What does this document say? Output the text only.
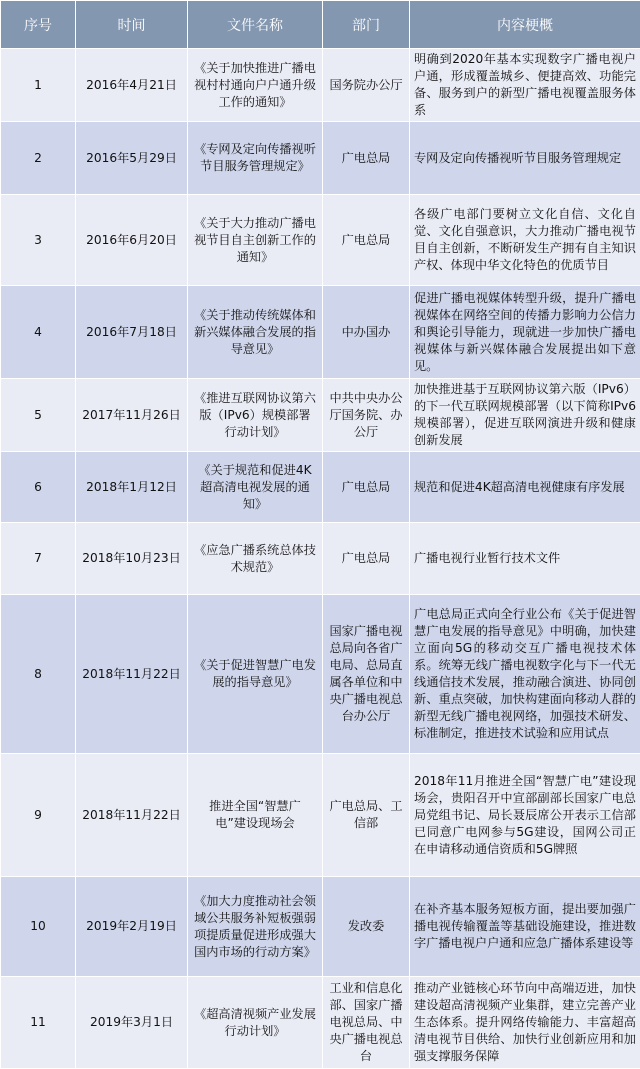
序号	时间	文件名称	部门	内容梗概
1	2016年4月21日	《关于加快推进广播电视村村通向户户通升级工作的通知》	国务院办公厅	明确到2020年基本实现数字广播电视户户通，形成覆盖城乡、便捷高效、功能完备、服务到户的新型广播电视覆盖服务体系
2	2016年5月29日	《专网及定向传播视听节目服务管理规定》	广电总局	专网及定向传播视听节目服务管理规定
3	2016年6月20日	《关于大力推动广播电视节目自主创新工作的通知》	广电总局	各级广电部门要树立文化自信、文化自觉、文化自强意识，大力推动广播电视节目自主创新，不断研发生产拥有自主知识产权、体现中华文化特色的优质节目
4	2016年7月18日	《关于推动传统媒体和新兴媒体融合发展的指导意见》	中办国办	促进广播电视媒体转型升级，提升广播电视媒体在网络空间的传播力影响力公信力和舆论引导能力，现就进一步加快广播电视媒体与新兴媒体融合发展提出如下意见。
5	2017年11月26日	《推进互联网协议第六版（IPv6）规模部署行动计划》	中共中央办公厅国务院、办公厅	加快推进基于互联网协议第六版（IPv6）的下一代互联网规模部署（以下简称IPv6规模部署），促进互联网演进升级和健康创新发展
6	2018年1月12日	《关于规范和促进4K超高清电视发展的通知》	广电总局	规范和促进4K超高清电视健康有序发展
7	2018年10月23日	《应急广播系统总体技术规范》	广电总局	广播电视行业暂行技术文件
8	2018年11月22日	《关于促进智慧广电发展的指导意见》	国家广播电视总局向各省广电局、总局直属各单位和中央广播电视总台办公厅	广电总局正式向全行业公布《关于促进智慧广电发展的指导意见》中明确，加快建立面向5G的移动交互广播电视技术体系。统筹无线广播电视数字化与下一代无线通信技术发展，推动融合演进、协同创新、重点突破，加快构建面向移动人群的新型无线广播电视网络，加强技术研发、标准制定，推进技术试验和应用试点
9	2018年11月22日	推进全国“智慧广电”建设现场会	广电总局、工信部	2018年11月推进全国“智慧广电”建设现场会，贵阳召开中宣部副部长国家广电总局党组书记、局长聂辰席公开表示工信部已同意广电网参与5G建设，国网公司正在申请移动通信资质和5G牌照
10	2019年2月19日	《加大力度推动社会领域公共服务补短板强弱项提质量促进形成强大国内市场的行动方案》	发改委	在补齐基本服务短板方面，提出要加强广播电视传输覆盖等基础设施建设，推进数字广播电视户户通和应急广播体系建设等
11	2019年3月1日	《超高清视频产业发展行动计划》	工业和信息化部、国家广播电视总局、中央广播电视总台	推动产业链核心环节向中高端迈进，加快建设超高清视频产业集群，建立完善产业生态体系。提升网络传输能力、丰富超高清电视节目供给、加快行业创新应用和加强支撑服务保障
